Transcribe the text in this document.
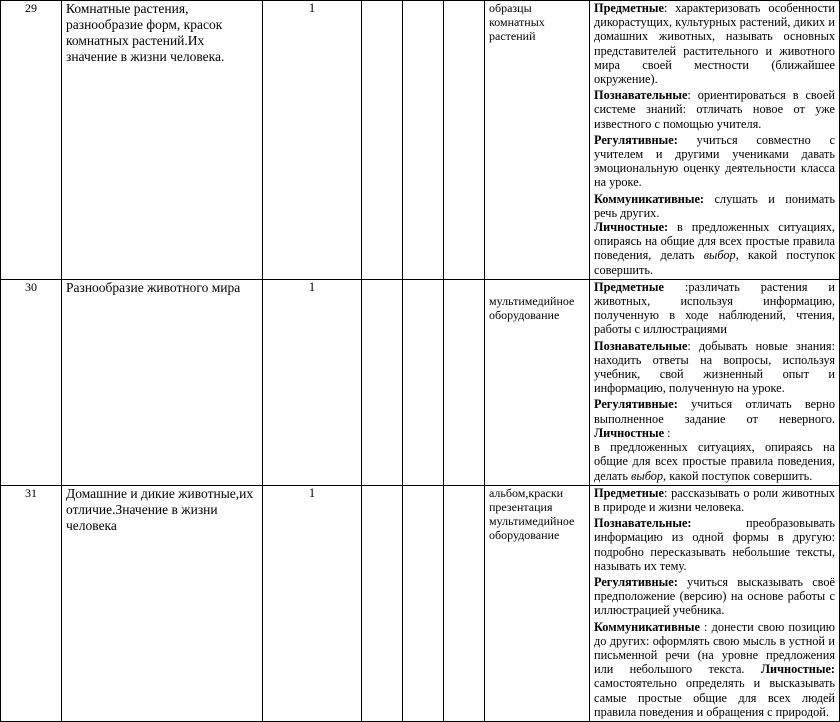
29	Комнатные растения, разнообразие форм, красок комнатных растений.Их значение в жизни человека.	1				образцы комнатных растений	Предметные: характеризовать особенности дикорастущих, культурных растений, диких и домашних животных, называть основных представителей растительного и животного мира своей местности (ближайшее окружение).

Познавательные: ориентироваться в своей системе знаний: отличать новое от уже известного с помощью учителя.

Регулятивные: учиться совместно с учителем и другими учениками давать эмоциональную оценку деятельности класса на уроке.

Коммуникативные: слушать и понимать речь других.
Личностные: в предложенных ситуациях, опираясь на общие для всех простые правила поведения, делать выбор, какой поступок совершить.

30	Разнообразие животного мира	1				мультимедийное оборудование	Предметные :различать растения и животных, используя информацию, полученную в ходе наблюдений, чтения, работы с иллюстрациями

Познавательные: добывать новые знания: находить ответы на вопросы, используя учебник, свой жизненный опыт и информацию, полученную на уроке.

Регулятивные: учиться отличать верно выполненное задание от неверного. Личностные :
в предложенных ситуациях, опираясь на общие для всех простые правила поведения, делать выбор, какой поступок совершить.

31	Домашние и дикие животные,их отличие.Значение в жизни человека	1				альбом,краски презентация мультимедийное оборудование	Предметные: рассказывать о роли животных в природе и жизни человека.

Познавательные: преобразовывать информацию из одной формы в другую: подробно пересказывать небольшие тексты, называть их тему.

Регулятивные: учиться высказывать своё предположение (версию) на основе работы с иллюстрацией учебника.

Коммуникативные : донести свою позицию до других: оформлять свою мысль в устной и письменной речи (на уровне предложения или небольшого текста. Личностные: самостоятельно определять и высказывать самые простые общие для всех людей правила поведения и обращения с природой.
